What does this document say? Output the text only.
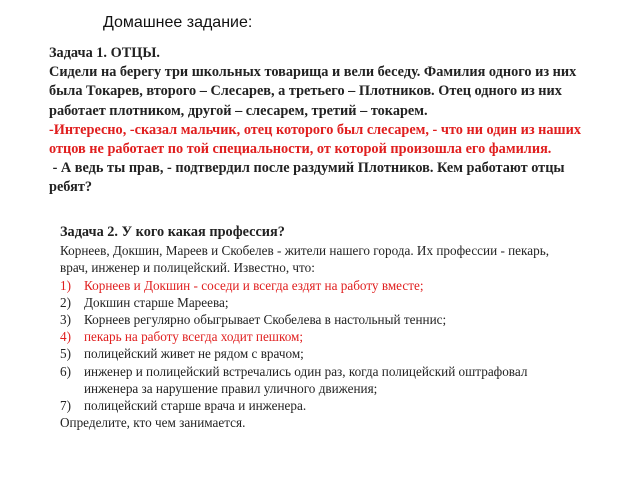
Домашнее задание:
Задача 1. ОТЦЫ.
Сидели на берегу три школьных товарища и вели беседу. Фамилия одного из них
была Токарев, второго – Слесарев, а третьего – Плотников. Отец одного из них
работает плотником, другой – слесарем, третий – токарем.
-Интересно, -сказал мальчик, отец которого был слесарем, - что ни один из наших
отцов не работает по той специальности, от которой произошла его фамилия.
- А ведь ты прав, - подтвердил после раздумий Плотников. Кем работают отцы
ребят?
Задача 2. У кого какая профессия?
Корнеев, Докшин, Мареев и Скобелев - жители нашего города. Их профессии - пекарь,
врач, инженер и полицейский. Известно, что:
1) Корнеев и Докшин - соседи и всегда ездят на работу вместе;
2) Докшин старше Мареева;
3) Корнеев регулярно обыгрывает Скобелева в настольный теннис;
4) пекарь на работу всегда ходит пешком;
5) полицейский живет не рядом с врачом;
6) инженер и полицейский встречались один раз, когда полицейский оштрафовал
инженера за нарушение правил уличного движения;
7) полицейский старше врача и инженера.
Определите, кто чем занимается.
